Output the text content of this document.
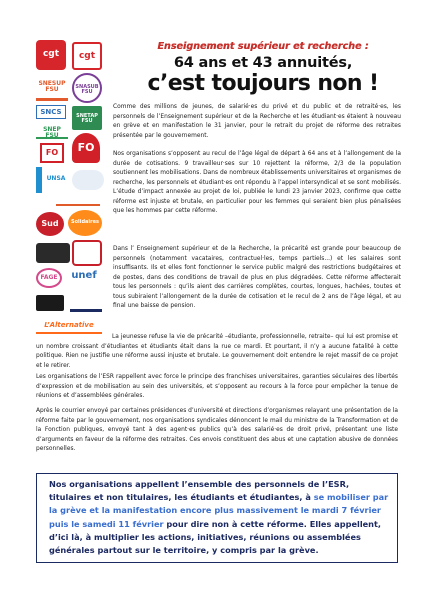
cgt	cgt
SNESUP FSU	SNASUB FSU
SNCS	SNETAP FSU
SNEP FSU
FO
FO
UNSA
Sud	Solidaires
unef
FAGE
L’Alternative
Enseignement supérieur et recherche :
64 ans et 43 annuités,
c’est toujours non !

Comme des millions de jeunes, de salarié·es du privé et du public et de retraité·es, les personnels de l’Enseignement supérieur et de la Recherche et les étudiant·es étaient à nouveau en grève et en manifestation le 31 janvier, pour le retrait du projet de réforme des retraites présentée par le gouvernement.

Nos organisations s’opposent au recul de l’âge légal de départ à 64 ans et à l’allongement de la durée de cotisations. 9 travailleur·ses sur 10 rejettent la réforme, 2/3 de la population soutiennent les mobilisations. Dans de nombreux établissements universitaires et organismes de recherche, les personnels et étudiant·es ont répondu à l’appel intersyndical et se sont mobilisés. L’étude d’impact annexée au projet de loi, publiée le lundi 23 janvier 2023, confirme que cette réforme est injuste et brutale, en particulier pour les femmes qui seraient bien plus pénalisées que les hommes par cette réforme.

Dans l’ Enseignement supérieur et de la Recherche, la précarité est grande pour beaucoup de personnels (notamment vacataires, contractuel·les, temps partiels...) et les salaires sont insuffisants. Ils et elles font fonctionner le service public malgré des restrictions budgétaires et de postes, dans des conditions de travail de plus en plus dégradées. Cette réforme affecterait tous les personnels : qu’ils aient des carrières complètes, courtes, longues, hachées, toutes et tous subiraient l’allongement de la durée de cotisation et le recul de 2 ans de l’âge légal, et au final une baisse de pension.

La jeunesse refuse la vie de précarité –étudiante, professionnelle, retraite– qui lui est promise et un nombre croissant d’étudiantes et étudiants était dans la rue ce mardi. Et pourtant, il n’y a aucune fatalité à cette politique. Rien ne justifie une réforme aussi injuste et brutale. Le gouvernement doit entendre le rejet massif de ce projet et le retirer.

Les organisations de l’ESR rappellent avec force le principe des franchises universitaires, garanties séculaires des libertés d’expression et de mobilisation au sein des universités, et s’opposent au recours à la force pour empêcher la tenue de réunions et d’assemblées générales.

Après le courrier envoyé par certaines présidences d’université et directions d’organismes relayant une présentation de la réforme faite par le gouvernement, nos organisations syndicales dénoncent le mail du ministre de la Transformation et de la Fonction publiques, envoyé tant à des agent·es publics qu’à des salarié·es de droit privé, présentant une liste d’arguments en faveur de la réforme des retraites. Ces envois constituent des abus et une captation abusive de données personnelles.

Nos organisations appellent l’ensemble des personnels de l’ESR, titulaires et non titulaires, les étudiants et étudiantes, à se mobiliser par la grève et la manifestation encore plus massivement le mardi 7 février puis le samedi 11 février pour dire non à cette réforme. Elles appellent, d’ici là, à multiplier les actions, initiatives, réunions ou assemblées générales partout sur le territoire, y compris par la grève.
